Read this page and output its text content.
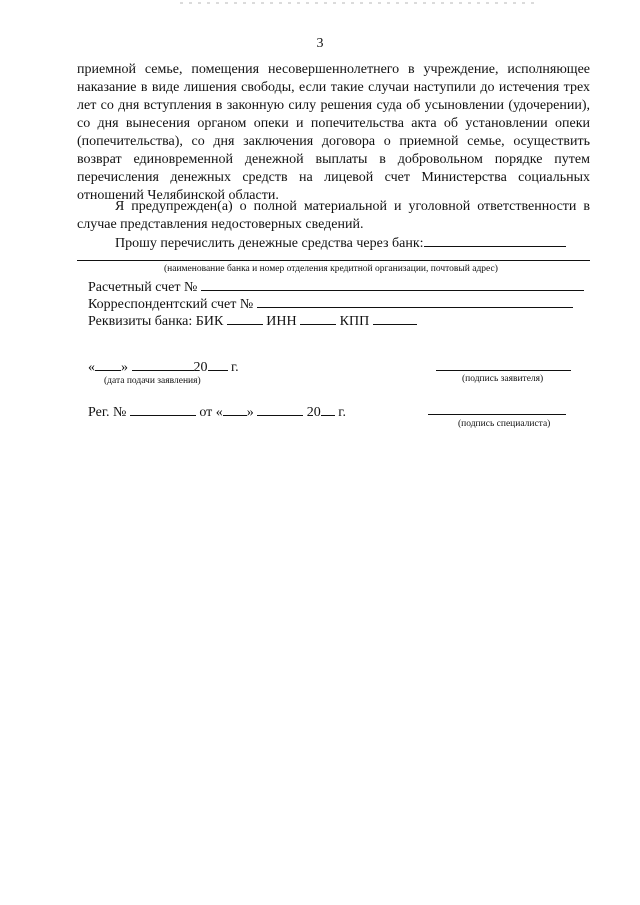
3
приемной семье, помещения несовершеннолетнего в учреждение, исполняющее наказание в виде лишения свободы, если такие случаи наступили до истечения трех лет со дня вступления в законную силу решения суда об усыновлении (удочерении), со дня вынесения органом опеки и попечительства акта об установлении опеки (попечительства), со дня заключения договора о приемной семье, осуществить возврат единовременной денежной выплаты в добровольном порядке путем перечисления денежных средств на лицевой счет Министерства социальных отношений Челябинской области.
Я предупрежден(а) о полной материальной и уголовной ответственности в случае представления недостоверных сведений.
Прошу перечислить денежные средства через банк:
(наименование банка и номер отделения кредитной организации, почтовый адрес)
Расчетный счет №
Корреспондентский счет №
Реквизиты банка: БИК	ИНН	КПП
« »	20 г.
(дата подачи заявления)	(подпись заявителя)
Рег. №	от « »	20 г.
(подпись специалиста)
